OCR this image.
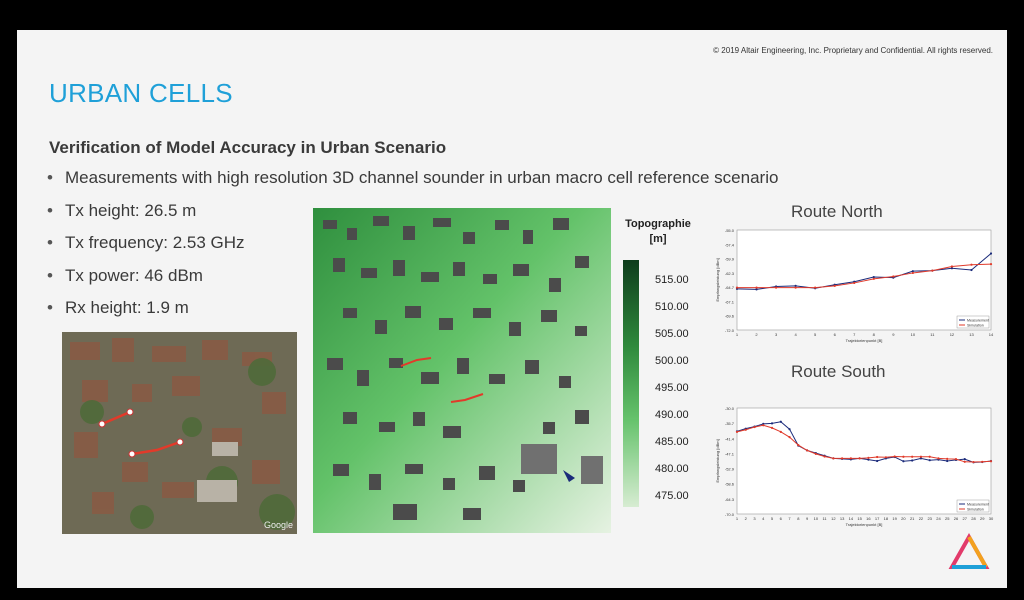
© 2019 Altair Engineering, Inc. Proprietary and Confidential. All rights reserved.
URBAN CELLS
Verification of Model Accuracy in Urban Scenario
• Measurements with high resolution 3D channel sounder in urban macro cell reference scenario
• Tx height: 26.5 m
• Tx frequency: 2.53 GHz
• Tx power: 46 dBm
• Rx height: 1.9 m
Google
Topographie
[m]
515.00
510.00
505.00
500.00
495.00
490.00
485.00
480.00
475.00
Route North
-72.0
-69.6
-67.1
-64.7
-62.3
-59.9
-57.4
-55.0
1	2	3	4	5	6	7	8	9	10	11	12	13	14
Trajektorienpunkt [B]
Empfangsleistung [dBm]
Measurement
Simulation
Route South
-70.0
-64.3
-58.6
-52.9
-47.1
-41.4
-35.7
-30.0
1 2 3 4 5 6 7 8 9 10 11 12 13 14 15 16 17 18 19 20 21 22 23 24 25 26 27 28 29 30
Trajektorienpunkt [B]
Empfangsleistung [dBm]
Measurement
Simulation
